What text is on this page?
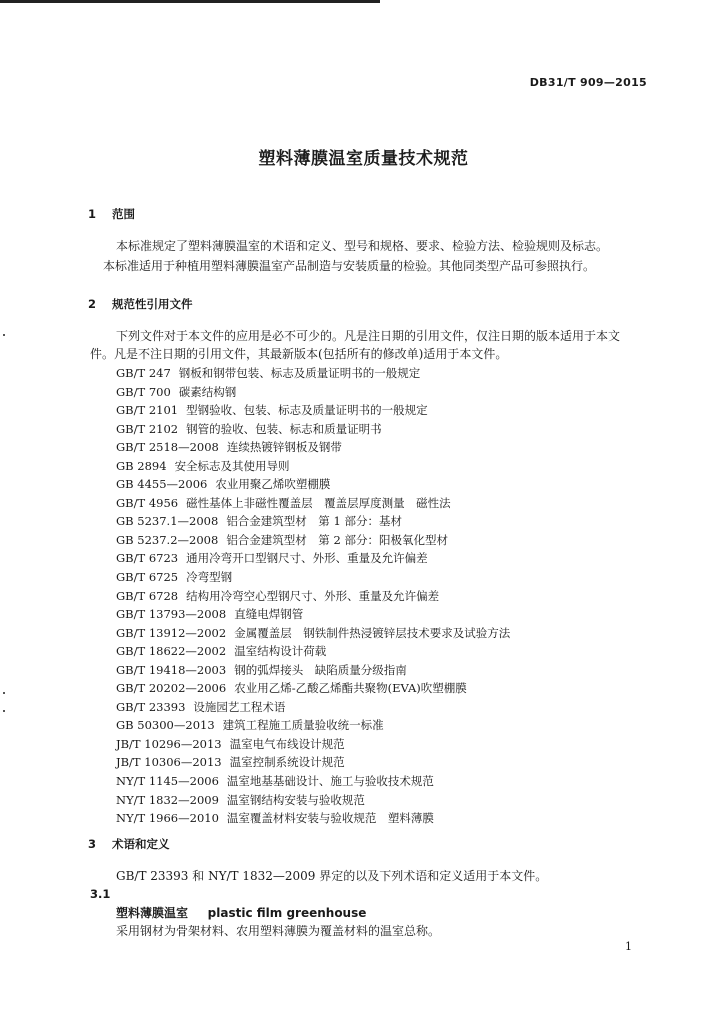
DB31/T 909—2015
塑料薄膜温室质量技术规范
1 范围
本标准规定了塑料薄膜温室的术语和定义、型号和规格、要求、检验方法、检验规则及标志。
本标准适用于种植用塑料薄膜温室产品制造与安装质量的检验。其他同类型产品可参照执行。
2 规范性引用文件
下列文件对于本文件的应用是必不可少的。凡是注日期的引用文件，仅注日期的版本适用于本文
件。凡是不注日期的引用文件，其最新版本(包括所有的修改单)适用于本文件。
GB/T 247 钢板和钢带包装、标志及质量证明书的一般规定
GB/T 700 碳素结构钢
GB/T 2101 型钢验收、包装、标志及质量证明书的一般规定
GB/T 2102 钢管的验收、包装、标志和质量证明书
GB/T 2518—2008 连续热镀锌钢板及钢带
GB 2894 安全标志及其使用导则
GB 4455—2006 农业用聚乙烯吹塑棚膜
GB/T 4956 磁性基体上非磁性覆盖层　覆盖层厚度测量　磁性法
GB 5237.1—2008 铝合金建筑型材　第 1 部分：基材
GB 5237.2—2008 铝合金建筑型材　第 2 部分：阳极氧化型材
GB/T 6723 通用冷弯开口型钢尺寸、外形、重量及允许偏差
GB/T 6725 冷弯型钢
GB/T 6728 结构用冷弯空心型钢尺寸、外形、重量及允许偏差
GB/T 13793—2008 直缝电焊钢管
GB/T 13912—2002 金属覆盖层　钢铁制件热浸镀锌层技术要求及试验方法
GB/T 18622—2002 温室结构设计荷载
GB/T 19418—2003 钢的弧焊接头　缺陷质量分级指南
GB/T 20202—2006 农业用乙烯-乙酸乙烯酯共聚物(EVA)吹塑棚膜
GB/T 23393 设施园艺工程术语
GB 50300—2013 建筑工程施工质量验收统一标准
JB/T 10296—2013 温室电气布线设计规范
JB/T 10306—2013 温室控制系统设计规范
NY/T 1145—2006 温室地基基础设计、施工与验收技术规范
NY/T 1832—2009 温室钢结构安装与验收规范
NY/T 1966—2010 温室覆盖材料安装与验收规范　塑料薄膜
3 术语和定义
GB/T 23393 和 NY/T 1832—2009 界定的以及下列术语和定义适用于本文件。
3.1
塑料薄膜温室 plastic film greenhouse
采用钢材为骨架材料、农用塑料薄膜为覆盖材料的温室总称。
1
